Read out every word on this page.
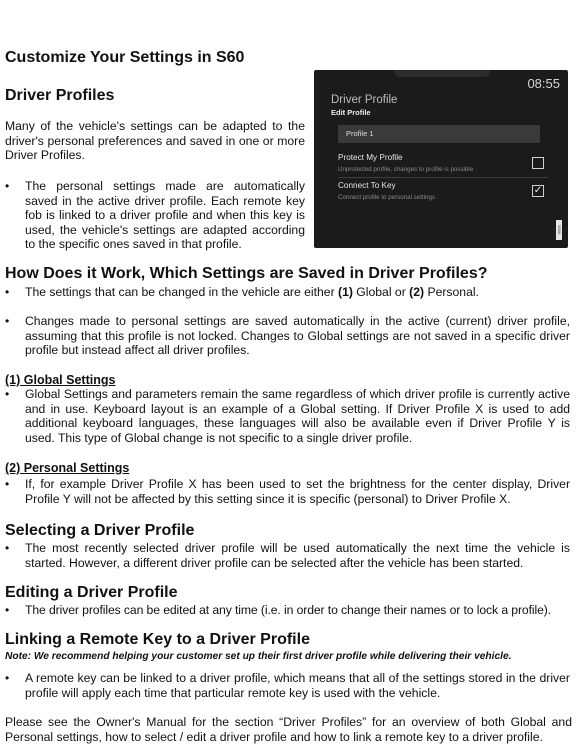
Customize Your Settings in S60
Driver Profiles

Many of the vehicle's settings can be adapted to the driver's personal preferences and saved in one or more Driver Profiles.

• The personal settings made are automatically saved in the active driver profile. Each remote key fob is linked to a driver profile and when this key is used, the vehicle's settings are adapted according to the specific ones saved in that profile.

08:55
Driver Profile
Edit Profile
Profile 1
Protect My Profile
Unprotected profile, changes to profile is possible
Connect To Key
Connect profile to personal settings
✓
S008
How Does it Work, Which Settings are Saved in Driver Profiles?

• The settings that can be changed in the vehicle are either (1) Global or (2) Personal.

• Changes made to personal settings are saved automatically in the active (current) driver profile, assuming that this profile is not locked. Changes to Global settings are not saved in a specific driver profile but instead affect all driver profiles.

(1) Global Settings

• Global Settings and parameters remain the same regardless of which driver profile is currently active and in use. Keyboard layout is an example of a Global setting. If Driver Profile X is used to add additional keyboard languages, these languages will also be available even if Driver Profile Y is used. This type of Global change is not specific to a single driver profile.

(2) Personal Settings

• If, for example Driver Profile X has been used to set the brightness for the center display, Driver Profile Y will not be affected by this setting since it is specific (personal) to Driver Profile X.

Selecting a Driver Profile

• The most recently selected driver profile will be used automatically the next time the vehicle is started. However, a different driver profile can be selected after the vehicle has been started.

Editing a Driver Profile

• The driver profiles can be edited at any time (i.e. in order to change their names or to lock a profile).

Linking a Remote Key to a Driver Profile

Note: We recommend helping your customer set up their first driver profile while delivering their vehicle.

• A remote key can be linked to a driver profile, which means that all of the settings stored in the driver profile will apply each time that particular remote key is used with the vehicle.

Please see the Owner's Manual for the section “Driver Profiles” for an overview of both Global and Personal settings, how to select / edit a driver profile and how to link a remote key to a driver profile.
